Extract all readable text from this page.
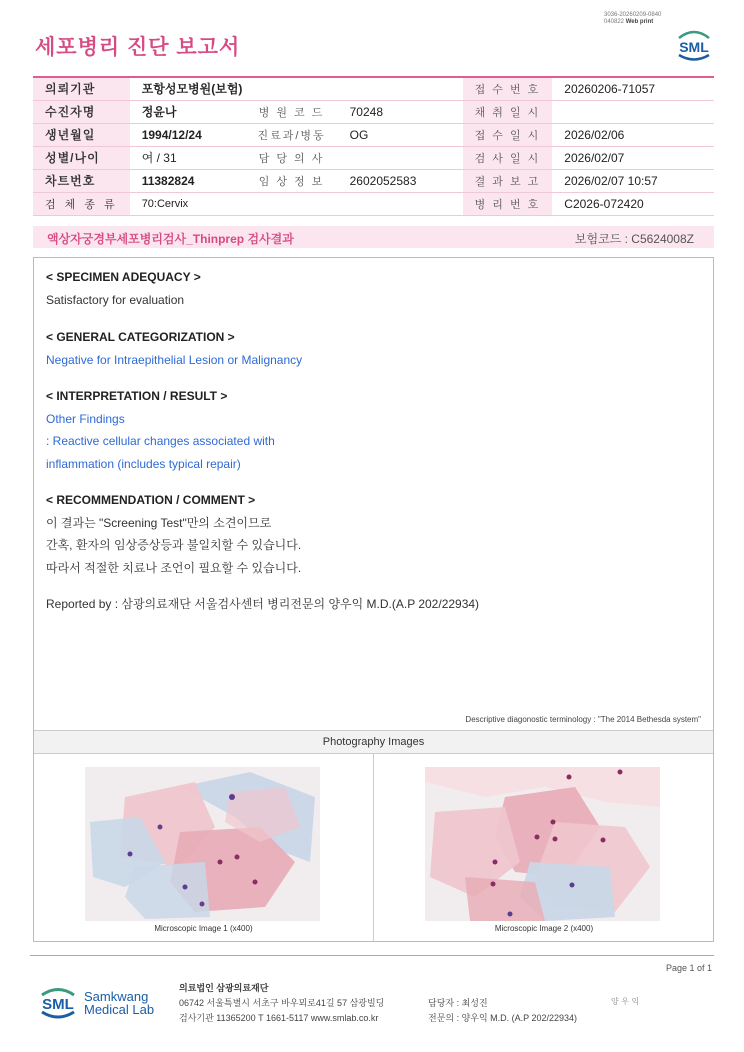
3036-20260209-0840
040822 Web print
세포병리 진단 보고서	SML
의뢰기관	포항성모병원(보험)			접 수 번 호	20260206-71057
수진자명	정윤나	병 원 코 드	70248	채 취 일 시	
생년월일	1994/12/24	진료과/병동	OG	접 수 일 시	2026/02/06
성별/나이	여 / 31	담 당 의 사		검 사 일 시	2026/02/07
차트번호	11382824	임 상 정 보	2602052583	결 과 보 고	2026/02/07 10:57
검 체 종 류	70:Cervix			병 리 번 호	C2026-072420
액상자궁경부세포병리검사_Thinprep 검사결과	보험코드 : C5624008Z
< SPECIMEN ADEQUACY >
Satisfactory for evaluation
< GENERAL CATEGORIZATION >
Negative for Intraepithelial Lesion or Malignancy
< INTERPRETATION / RESULT >
Other Findings
: Reactive cellular changes associated with
inflammation (includes typical repair)
< RECOMMENDATION / COMMENT >
이 결과는 "Screening Test"만의 소견이므로
간혹, 환자의 임상증상등과 불일치할 수 있습니다.
따라서 적절한 치료나 조언이 필요할 수 있습니다.
Reported by : 삼광의료재단 서울검사센터 병리전문의 양우익 M.D.(A.P 202/22934)
Descriptive diagonostic terminology : "The 2014 Bethesda system"
Photography Images
Microscopic Image 1 (x400)	Microscopic Image 2 (x400)
Page 1 of 1
SML Samkwang
Medical Lab
의료법인 삼광의료재단
06742 서울특별시 서초구 바우뫼로41길 57 삼광빌딩
검사기관 11365200 T 1661-5117 www.smlab.co.kr
담당자 : 최성진
전문의 : 양우익 M.D. (A.P 202/22934)
양 우 익
